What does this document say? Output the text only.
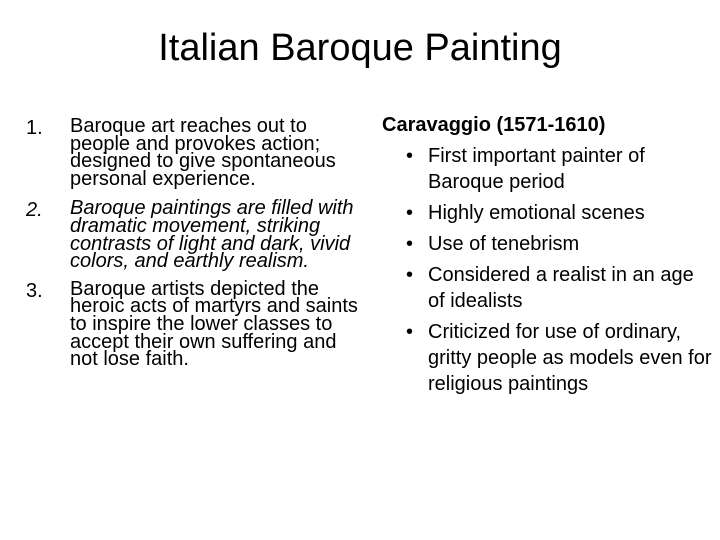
Italian Baroque Painting
1. Baroque art reaches out to people and provokes action; designed to give spontaneous personal experience.
2. Baroque paintings are filled with dramatic movement, striking contrasts of light and dark, vivid colors, and earthly realism.
3. Baroque artists depicted the heroic acts of martyrs and saints to inspire the lower classes to accept their own suffering and not lose faith.
Caravaggio (1571-1610)
• First important painter of Baroque period
• Highly emotional scenes
• Use of tenebrism
• Considered a realist in an age of idealists
• Criticized for use of ordinary, gritty people as models even for religious paintings
